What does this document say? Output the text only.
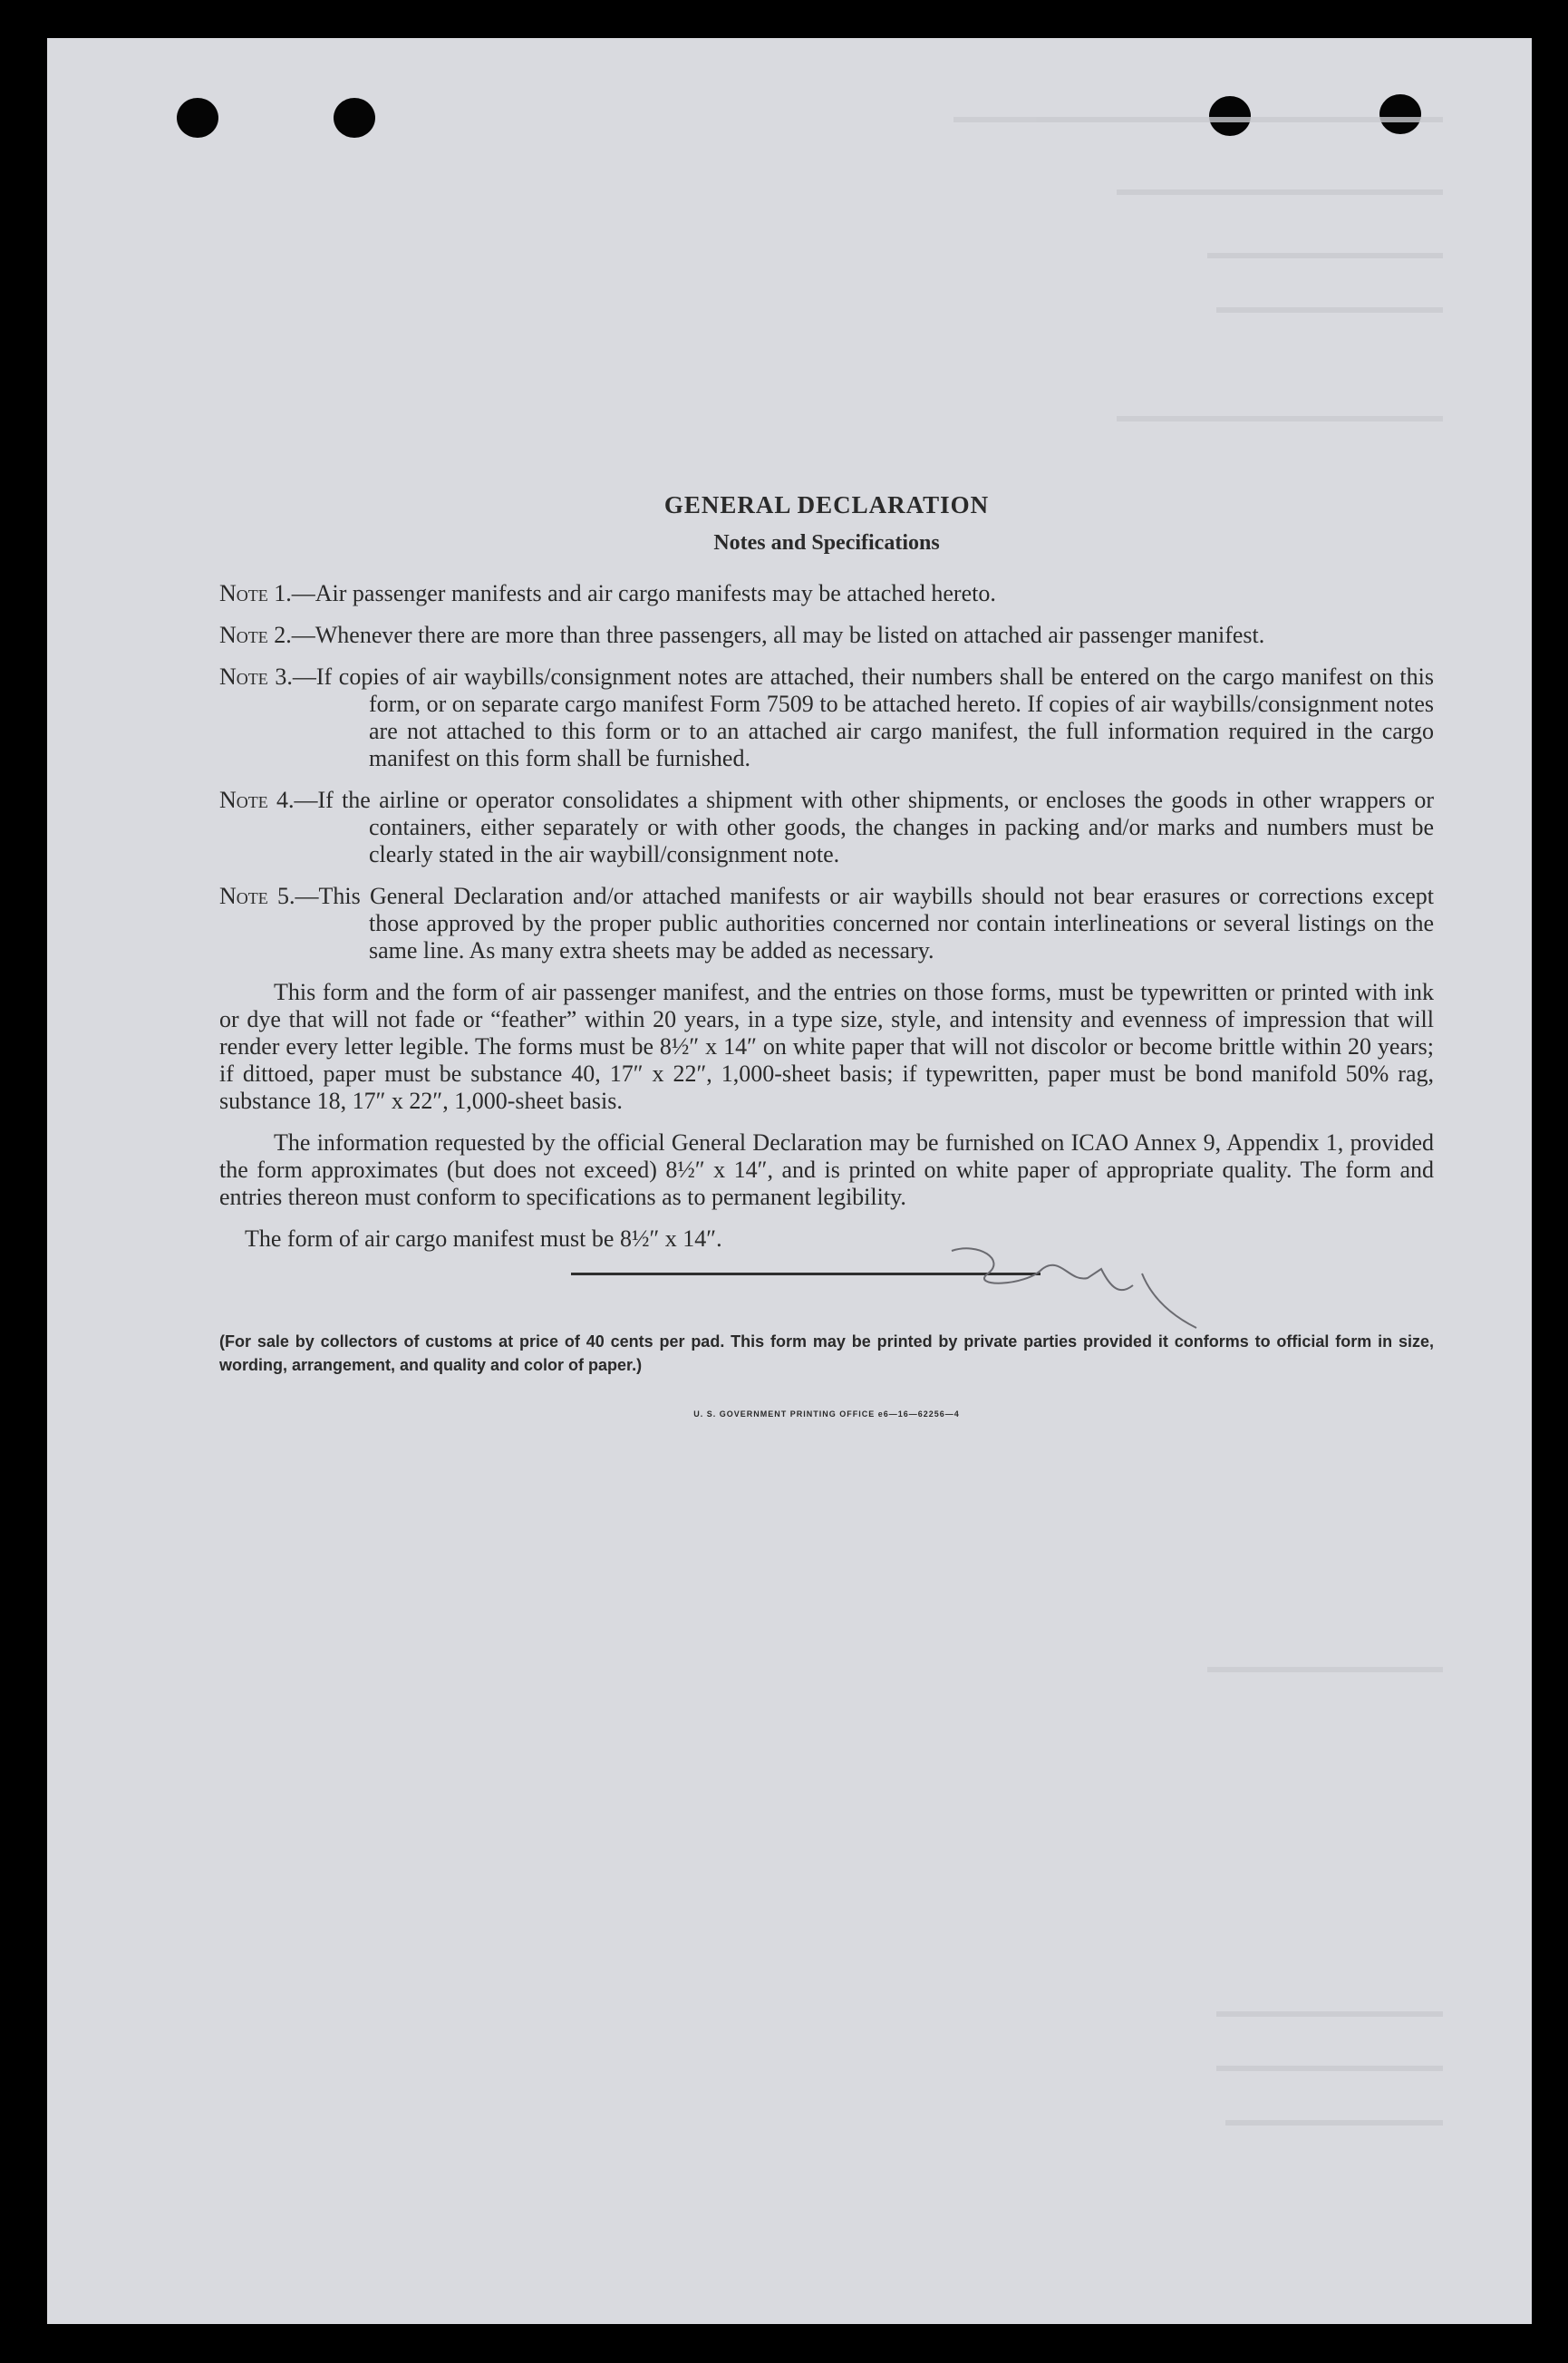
GENERAL DECLARATION
Notes and Specifications
Note 1.—Air passenger manifests and air cargo manifests may be attached hereto.
Note 2.—Whenever there are more than three passengers, all may be listed on attached air passenger manifest.
Note 3.—If copies of air waybills/consignment notes are attached, their numbers shall be entered on the cargo manifest on this form, or on separate cargo manifest Form 7509 to be attached hereto. If copies of air waybills/consignment notes are not attached to this form or to an attached air cargo manifest, the full information required in the cargo manifest on this form shall be furnished.
Note 4.—If the airline or operator consolidates a shipment with other shipments, or encloses the goods in other wrappers or containers, either separately or with other goods, the changes in packing and/or marks and numbers must be clearly stated in the air waybill/consignment note.
Note 5.—This General Declaration and/or attached manifests or air waybills should not bear erasures or corrections except those approved by the proper public authorities concerned nor contain interlineations or several listings on the same line. As many extra sheets may be added as necessary.

This form and the form of air passenger manifest, and the entries on those forms, must be typewritten or printed with ink or dye that will not fade or “feather” within 20 years, in a type size, style, and intensity and evenness of impression that will render every letter legible. The forms must be 8½″ x 14″ on white paper that will not discolor or become brittle within 20 years; if dittoed, paper must be substance 40, 17″ x 22″, 1,000-sheet basis; if typewritten, paper must be bond manifold 50% rag, substance 18, 17″ x 22″, 1,000-sheet basis.

The information requested by the official General Declaration may be furnished on ICAO Annex 9, Appendix 1, provided the form approximates (but does not exceed) 8½″ x 14″, and is printed on white paper of appropriate quality. The form and entries thereon must conform to specifications as to permanent legibility.

The form of air cargo manifest must be 8½″ x 14″.

(For sale by collectors of customs at price of 40 cents per pad. This form may be printed by private parties provided it conforms to official form in size, wording, arrangement, and quality and color of paper.)
U. S. GOVERNMENT PRINTING OFFICE e6—16—62256—4
